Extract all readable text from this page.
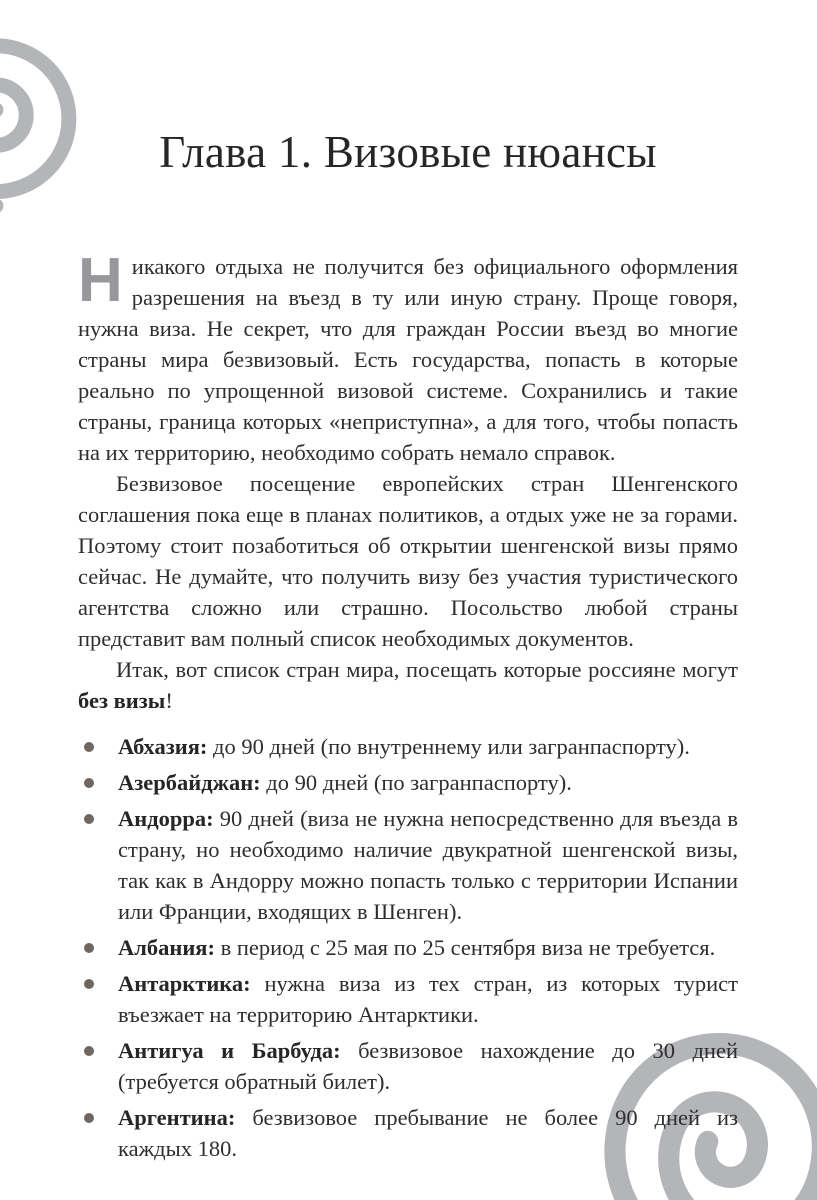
Глава 1. Визовые нюансы

Никакого отдыха не получится без официального оформления разрешения на въезд в ту или иную страну. Проще говоря, нужна виза. Не секрет, что для граждан России въезд во многие страны мира безвизовый. Есть государства, попасть в которые реально по упрощенной визовой системе. Сохранились и такие страны, граница которых «неприступна», а для того, чтобы попасть на их территорию, необходимо собрать немало справок.

Безвизовое посещение европейских стран Шенгенского соглашения пока еще в планах политиков, а отдых уже не за горами. Поэтому стоит позаботиться об открытии шенгенской визы прямо сейчас. Не думайте, что получить визу без участия туристического агентства сложно или страшно. Посольство любой страны представит вам полный список необходимых документов.

Итак, вот список стран мира, посещать которые россияне могут без визы!

Абхазия: до 90 дней (по внутреннему или загранпаспорту).
Азербайджан: до 90 дней (по загранпаспорту).
Андорра: 90 дней (виза не нужна непосредственно для въезда в страну, но необходимо наличие двукратной шенгенской визы, так как в Андорру можно попасть только с территории Испании или Франции, входящих в Шенген).
Албания: в период с 25 мая по 25 сентября виза не требуется.
Антарктика: нужна виза из тех стран, из которых турист въезжает на территорию Антарктики.
Антигуа и Барбуда: безвизовое нахождение до 30 дней (требуется обратный билет).
Аргентина: безвизовое пребывание не более 90 дней из каждых 180.
